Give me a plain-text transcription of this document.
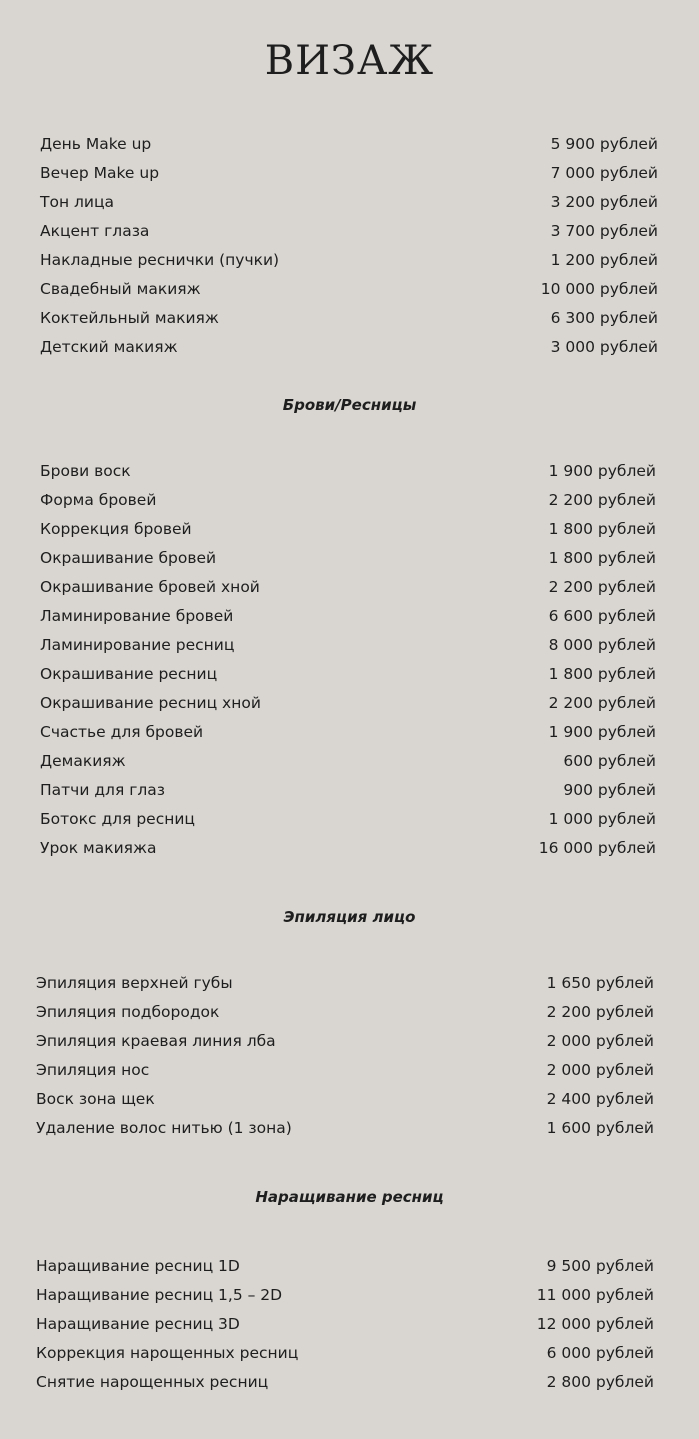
ВИЗАЖ
День Make up	5 900 рублей
Вечер Make up	7 000 рублей
Тон лица	3 200 рублей
Акцент глаза	3 700 рублей
Накладные реснички (пучки)	1 200 рублей
Свадебный макияж	10 000 рублей
Коктейльный макияж	6 300 рублей
Детский макияж	3 000 рублей
Брови/Ресницы
Брови воск	1 900 рублей
Форма бровей	2 200 рублей
Коррекция бровей	1 800 рублей
Окрашивание бровей	1 800 рублей
Окрашивание бровей хной	2 200 рублей
Ламинирование бровей	6 600 рублей
Ламинирование ресниц	8 000 рублей
Окрашивание ресниц	1 800 рублей
Окрашивание ресниц хной	2 200 рублей
Счастье для бровей	1 900 рублей
Демакияж	600 рублей
Патчи для глаз	900 рублей
Ботокс для ресниц	1 000 рублей
Урок макияжа	16 000 рублей
Эпиляция лицо
Эпиляция верхней губы	1 650 рублей
Эпиляция подбородок	2 200 рублей
Эпиляция краевая линия лба	2 000 рублей
Эпиляция нос	2 000 рублей
Воск зона щек	2 400 рублей
Удаление волос нитью (1 зона)	1 600 рублей
Наращивание ресниц
Наращивание ресниц 1D	9 500 рублей
Наращивание ресниц 1,5 – 2D	11 000 рублей
Наращивание ресниц 3D	12 000 рублей
Коррекция нарощенных ресниц	6 000 рублей
Снятие нарощенных ресниц	2 800 рублей
